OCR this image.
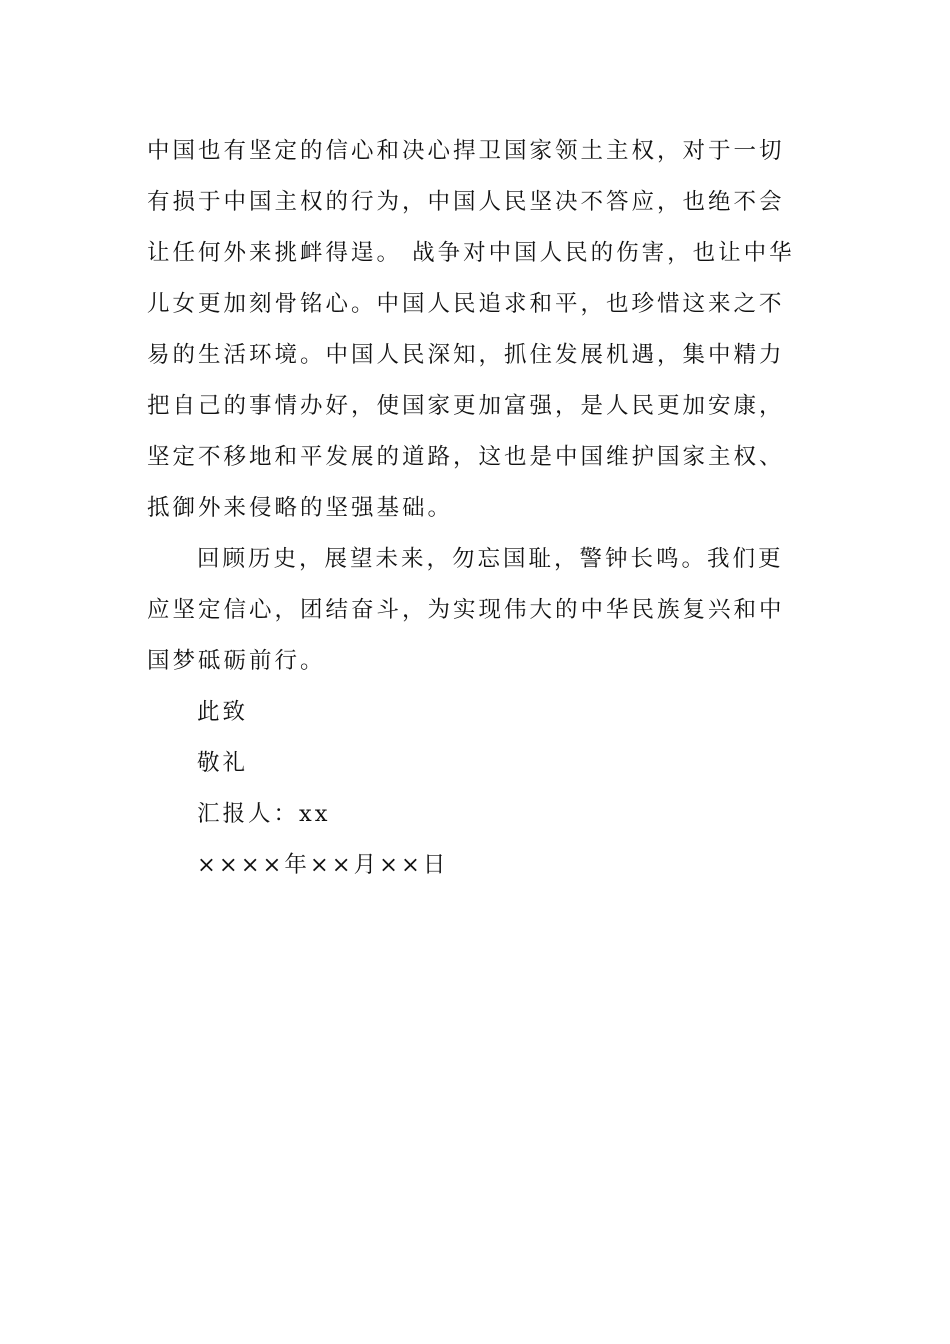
中国也有坚定的信心和决心捍卫国家领土主权，对于一切
有损于中国主权的行为，中国人民坚决不答应，也绝不会
让任何外来挑衅得逞。 战争对中国人民的伤害，也让中华
儿女更加刻骨铭心。中国人民追求和平，也珍惜这来之不
易的生活环境。中国人民深知，抓住发展机遇，集中精力
把自己的事情办好，使国家更加富强，是人民更加安康，
坚定不移地和平发展的道路，这也是中国维护国家主权、
抵御外来侵略的坚强基础。
回顾历史，展望未来，勿忘国耻，警钟长鸣。我们更
应坚定信心，团结奋斗，为实现伟大的中华民族复兴和中
国梦砥砺前行。
此致
敬礼
汇报人：xx
××××年××月××日
